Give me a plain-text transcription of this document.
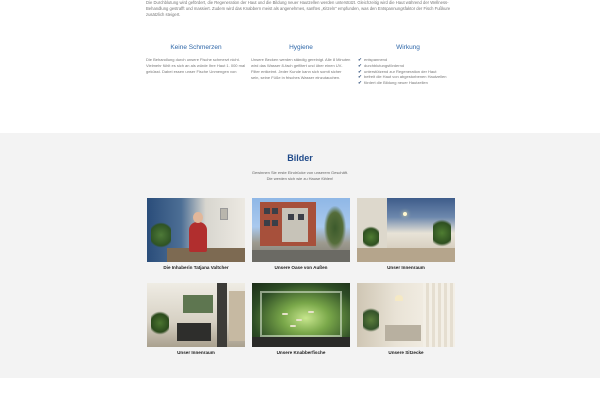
Die Durchblutung wird gefördert, die Regeneration der Haut und die Bildung neuer Hautzellen werden unterstützt. Gleichzeitig wird die Haut während der Wellness-Behandlung gestrafft und massiert. Zudem wird das Knabbern meist als angenehmes, sanftes „Kitzeln" empfunden, was den Entspannungsfaktor der Fisch Fußkure zusätzlich steigert.

Keine Schmerzen
Die Behandlung durch unsere Fische schmerzt nicht. Vielmehr fühlt es sich an als würde Ihre Haut 1. 000 mal geküsst. Dabei essen unser Fische Unmengen von
Hygiene
Unsere Becken werden ständig gereinigt. Alle 8 Minuten wird das Wasser 8-fach gefiltert und über einen UV-Filter entkeimt. Jeder Kunde kann sich somit sicher sein, seine Füße in frisches Wasser einzutauchen.
Wirkung
✔ entspannend
✔ durchblutungsfördernd
✔ unterstützend zur Regeneration der Haut
✔ befreit die Haut von abgestorbenen Hautzellen
✔ fördert die Bildung neuer Hautzellen
Bilder
Gewinnen Sie erste Eindrücke von unserem Geschäft.
Die werden sich wie zu Hause fühlen!
Die Inhaberin Tatjana Valtcher	Unsere Oase von Außen	Unser Innenraum
Unser Innenraum	Unsere Knabberfische	Unsere Sitzecke
